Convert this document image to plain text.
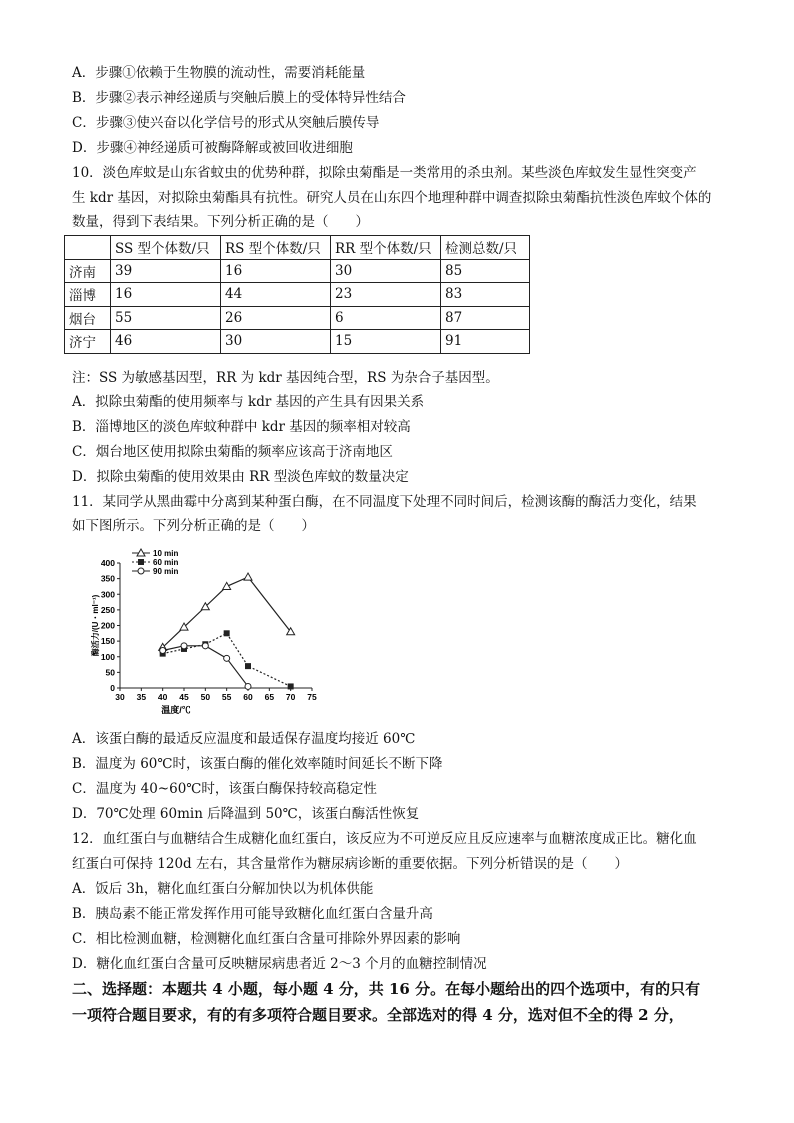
A．步骤①依赖于生物膜的流动性，需要消耗能量
B．步骤②表示神经递质与突触后膜上的受体特异性结合
C．步骤③使兴奋以化学信号的形式从突触后膜传导
D．步骤④神经递质可被酶降解或被回收进细胞
10．淡色库蚊是山东省蚊虫的优势种群，拟除虫菊酯是一类常用的杀虫剂。某些淡色库蚊发生显性突变产
生 kdr 基因，对拟除虫菊酯具有抗性。研究人员在山东四个地理种群中调查拟除虫菊酯抗性淡色库蚊个体的
数量，得到下表结果。下列分析正确的是（　　）
	SS 型个体数/只	RS 型个体数/只	RR 型个体数/只	检测总数/只
济南	39	16	30	85
淄博	16	44	23	83
烟台	55	26	6	87
济宁	46	30	15	91
注：SS 为敏感基因型，RR 为 kdr 基因纯合型，RS 为杂合子基因型。
A．拟除虫菊酯的使用频率与 kdr 基因的产生具有因果关系
B．淄博地区的淡色库蚊种群中 kdr 基因的频率相对较高
C．烟台地区使用拟除虫菊酯的频率应该高于济南地区
D．拟除虫菊酯的使用效果由 RR 型淡色库蚊的数量决定
11．某同学从黑曲霉中分离到某种蛋白酶，在不同温度下处理不同时间后，检测该酶的酶活力变化，结果
如下图所示。下列分析正确的是（　　）
30 35 40 45 50 55 60 65 70 75
0
50
100
150
200
250
300
350
400
10 min
60 min
90 min
温度/℃
酶活力/(U・ml⁻¹)
A．该蛋白酶的最适反应温度和最适保存温度均接近 60℃
B．温度为 60℃时，该蛋白酶的催化效率随时间延长不断下降
C．温度为 40~60℃时，该蛋白酶保持较高稳定性
D．70℃处理 60min 后降温到 50℃，该蛋白酶活性恢复
12．血红蛋白与血糖结合生成糖化血红蛋白，该反应为不可逆反应且反应速率与血糖浓度成正比。糖化血
红蛋白可保持 120d 左右，其含量常作为糖尿病诊断的重要依据。下列分析错误的是（　　）
A．饭后 3h，糖化血红蛋白分解加快以为机体供能
B．胰岛素不能正常发挥作用可能导致糖化血红蛋白含量升高
C．相比检测血糖，检测糖化血红蛋白含量可排除外界因素的影响
D．糖化血红蛋白含量可反映糖尿病患者近 2～3 个月的血糖控制情况
二、选择题：本题共 4 小题，每小题 4 分，共 16 分。在每小题给出的四个选项中，有的只有
一项符合题目要求，有的有多项符合题目要求。全部选对的得 4 分，选对但不全的得 2 分，
